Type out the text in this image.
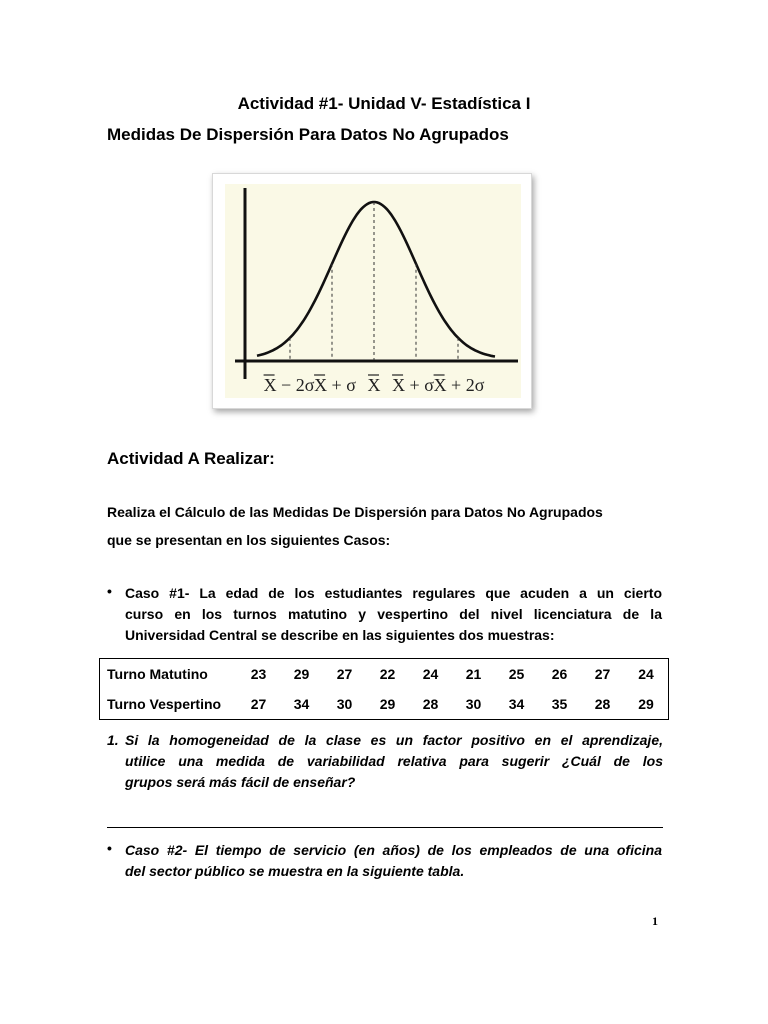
Actividad #1- Unidad V- Estadística I
Medidas De Dispersión Para Datos No Agrupados
X − 2σ X + σ X X + σ X + 2σ
Actividad A Realizar:
Realiza el Cálculo de las Medidas De Dispersión para Datos No Agrupados
que se presentan en los siguientes Casos:
• Caso #1- La edad de los estudiantes regulares que acuden a un cierto
curso en los turnos matutino y vespertino del nivel licenciatura de la
Universidad Central se describe en las siguientes dos muestras:
Turno Matutino	23	29	27	22	24	21	25	26	27	24
Turno Vespertino	27	34	30	29	28	30	34	35	28	29
1. Si la homogeneidad de la clase es un factor positivo en el aprendizaje,
utilice una medida de variabilidad relativa para sugerir ¿Cuál de los
grupos será más fácil de enseñar?
• Caso #2- El tiempo de servicio (en años) de los empleados de una oficina
del sector público se muestra en la siguiente tabla.
1
